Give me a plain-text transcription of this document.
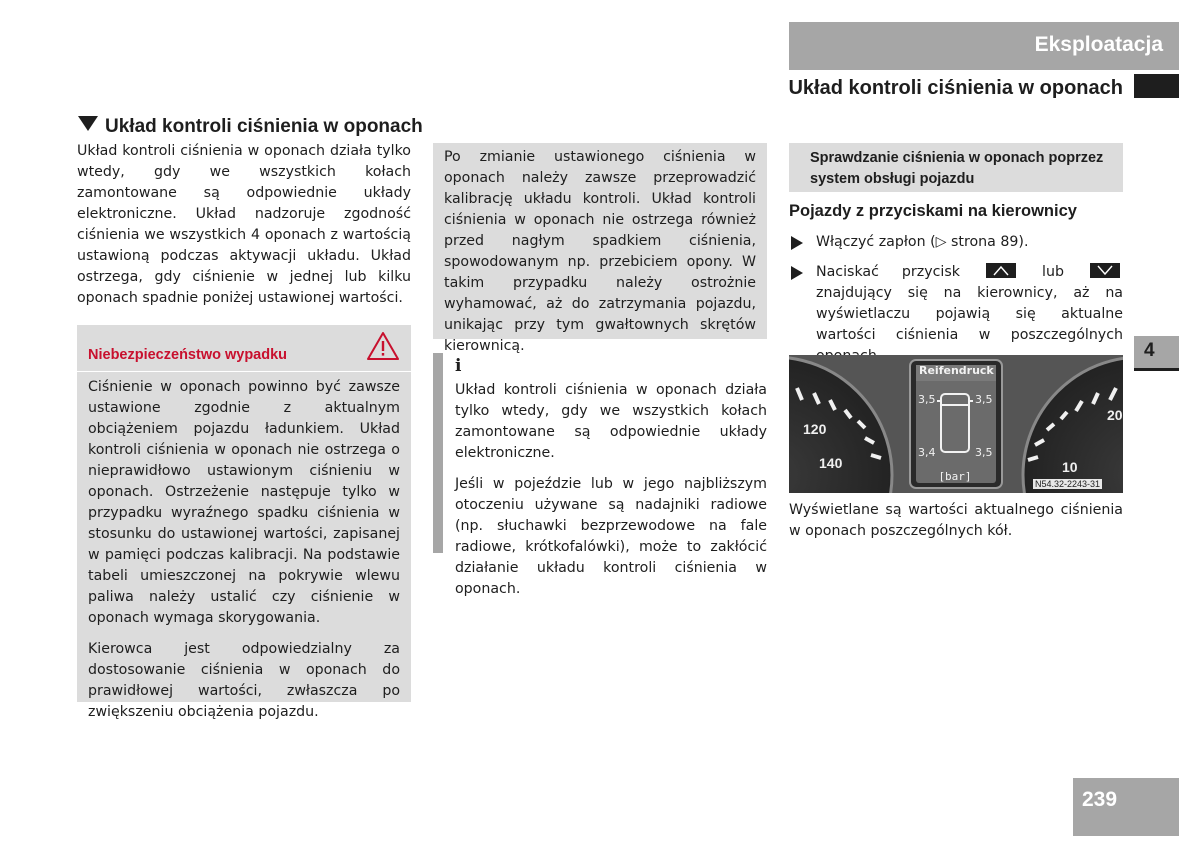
Eksploatacja
Układ kontroli ciśnienia w oponach
Układ kontroli ciśnienia w oponach

Układ kontroli ciśnienia w oponach działa tylko wtedy, gdy we wszystkich kołach zamontowane są odpowiednie układy elektroniczne. Układ nadzoruje zgodność ciśnienia we wszystkich 4 oponach z wartością ustawioną podczas aktywacji układu. Układ ostrzega, gdy ciśnienie w jednej lub kilku oponach spadnie poniżej ustawionej wartości.

Niebezpieczeństwo wypadku

Ciśnienie w oponach powinno być zawsze ustawione zgodnie z aktualnym obciążeniem pojazdu ładunkiem. Układ kontroli ciśnienia w oponach nie ostrzega o nieprawidłowo ustawionym ciśnieniu w oponach. Ostrzeżenie następuje tylko w przypadku wyraźnego spadku ciśnienia w stosunku do ustawionej wartości, zapisanej w pamięci podczas kalibracji. Na podstawie tabeli umieszczonej na pokrywie wlewu paliwa należy ustalić czy ciśnienie w oponach wymaga skorygowania.

Kierowca jest odpowiedzialny za dostosowanie ciśnienia w oponach do prawidłowej wartości, zwłaszcza po zwiększeniu obciążenia pojazdu.

Po zmianie ustawionego ciśnienia w oponach należy zawsze przeprowadzić kalibrację układu kontroli. Układ kontroli ciśnienia w oponach nie ostrzega również przed nagłym spadkiem ciśnienia, spowodowanym np. przebiciem opony. W takim przypadku należy ostrożnie wyhamować, aż do zatrzymania pojazdu, unikając przy tym gwałtownych skrętów kierownicą.

i

Układ kontroli ciśnienia w oponach działa tylko wtedy, gdy we wszystkich kołach zamontowane są odpowiednie układy elektroniczne.

Jeśli w pojeździe lub w jego najbliższym otoczeniu używane są nadajniki radiowe (np. słuchawki bezprzewodowe na fale radiowe, krótkofalówki), może to zakłócić działanie układu kontroli ciśnienia w oponach.

Sprawdzanie ciśnienia w oponach poprzez system obsługi pojazdu
Pojazdy z przyciskami na kierownicy

Włączyć zapłon (▷ strona 89).

Naciskać przycisk	lub
znajdujący się na kierownicy, aż na wyświetlaczu pojawią się aktualne wartości ciśnienia w poszczególnych

[bar]
Reifendruck
3,5	3,5
3,4	3,5
120
140
20
10
N54.32-2243-31

Wyświetlane są wartości aktualnego ciśnienia w oponach poszczególnych kół.

4
239
